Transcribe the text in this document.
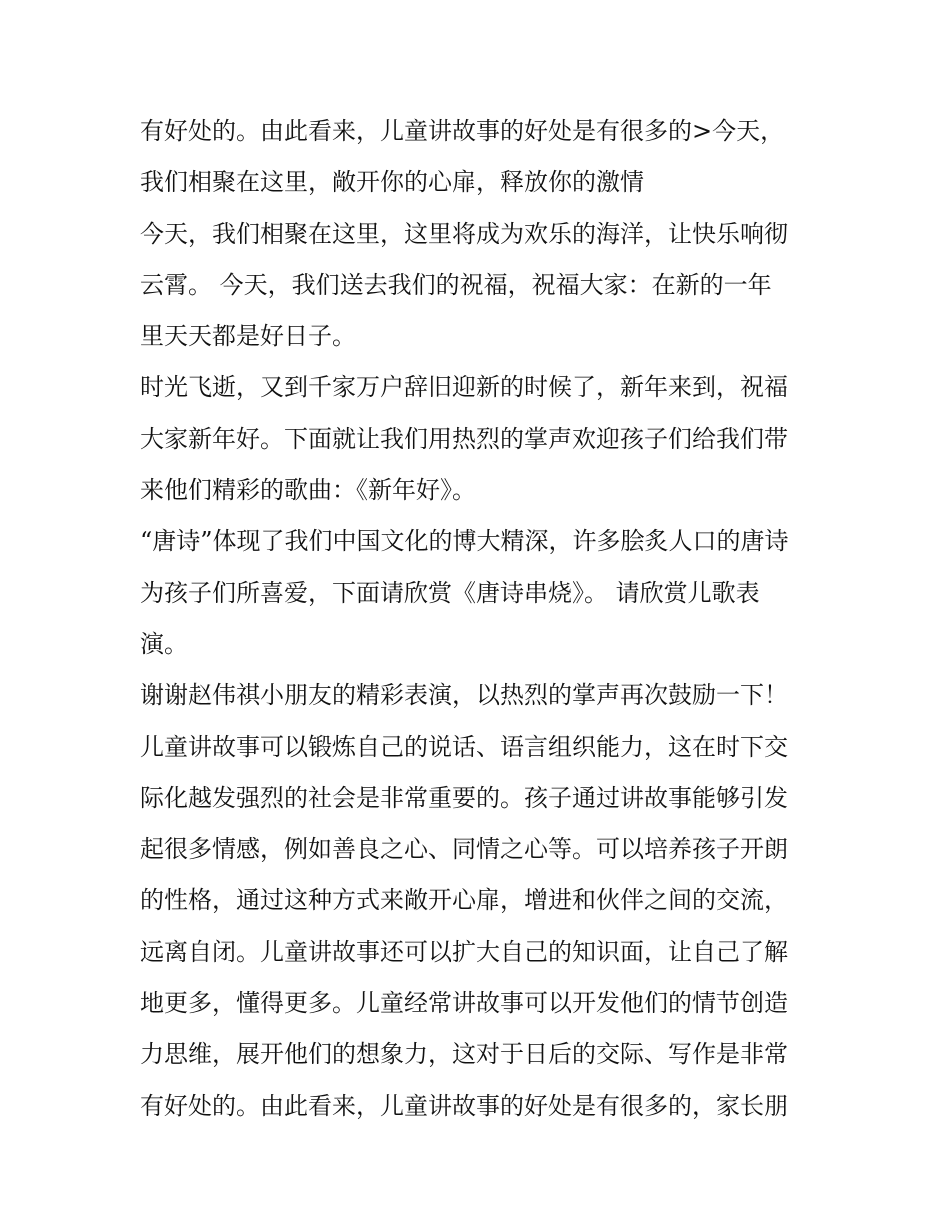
有好处的。由此看来，儿童讲故事的好处是有很多的>今天，
我们相聚在这里，敞开你的心扉，释放你的激情
今天，我们相聚在这里，这里将成为欢乐的海洋，让快乐响彻
云霄。 今天，我们送去我们的祝福，祝福大家：在新的一年
里天天都是好日子。
时光飞逝，又到千家万户辞旧迎新的时候了，新年来到，祝福
大家新年好。下面就让我们用热烈的掌声欢迎孩子们给我们带
来他们精彩的歌曲：《新年好》。
“唐诗”体现了我们中国文化的博大精深，许多脍炙人口的唐诗
为孩子们所喜爱，下面请欣赏《唐诗串烧》。 请欣赏儿歌表
演。
谢谢赵伟祺小朋友的精彩表演，以热烈的掌声再次鼓励一下！
儿童讲故事可以锻炼自己的说话、语言组织能力，这在时下交
际化越发强烈的社会是非常重要的。孩子通过讲故事能够引发
起很多情感，例如善良之心、同情之心等。可以培养孩子开朗
的性格，通过这种方式来敞开心扉，增进和伙伴之间的交流，
远离自闭。儿童讲故事还可以扩大自己的知识面，让自己了解
地更多，懂得更多。儿童经常讲故事可以开发他们的情节创造
力思维，展开他们的想象力，这对于日后的交际、写作是非常
有好处的。由此看来，儿童讲故事的好处是有很多的，家长朋
